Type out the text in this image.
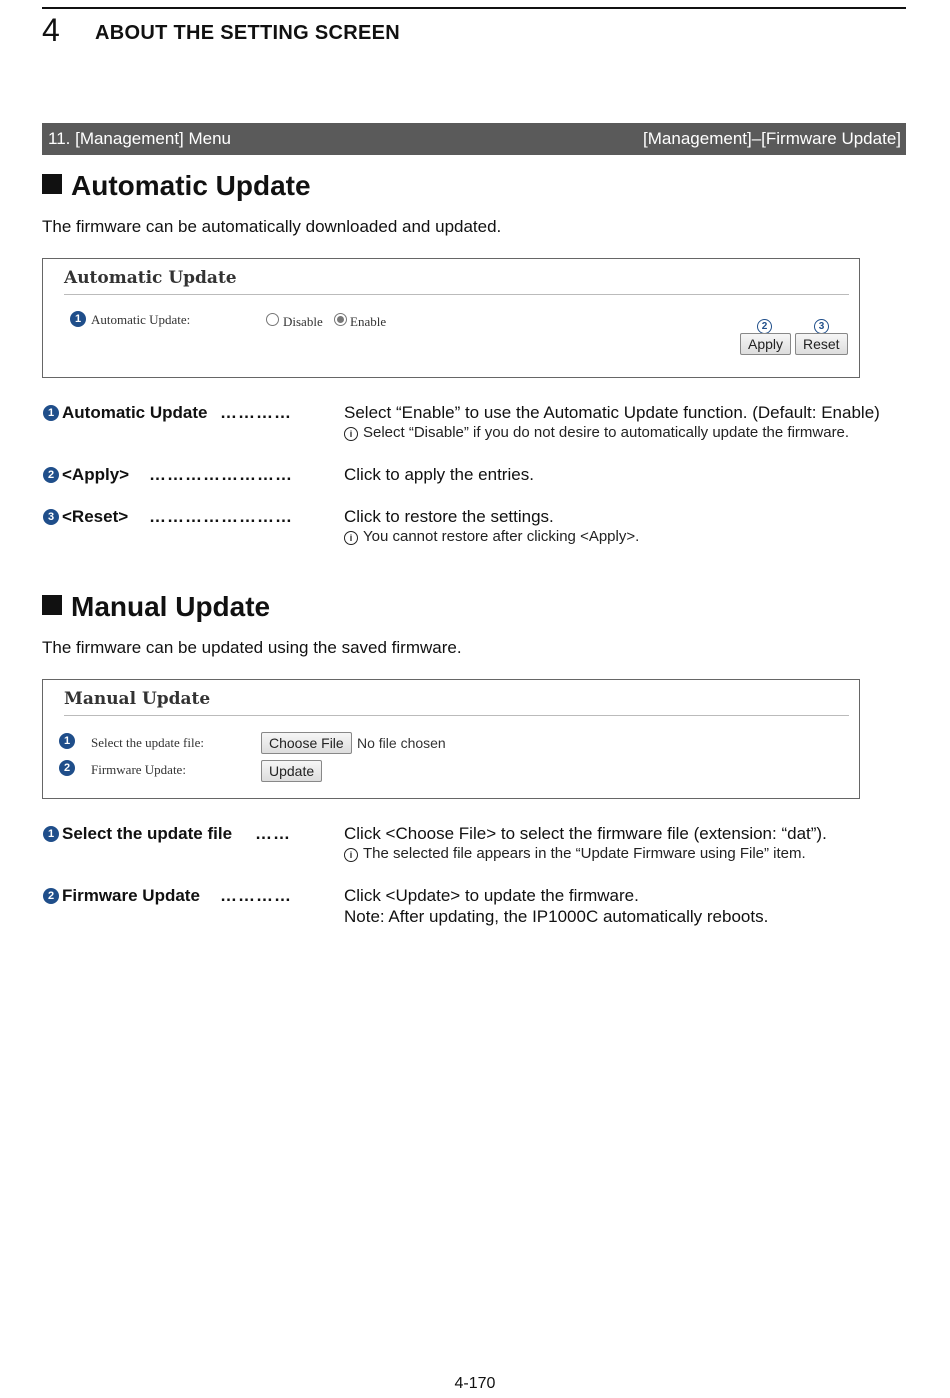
4 ABOUT THE SETTING SCREEN
11. [Management] Menu	[Management]–[Firmware Update]
Automatic Update
The firmware can be automatically downloaded and updated.
Automatic Update
1 Automatic Update:	Disable Enable	2	3
Apply	Reset
1 Automatic Update …………	Select “Enable” to use the Automatic Update function. (Default: Enable)
i Select “Disable” if you do not desire to automatically update the firmware.
2 <Apply> ……………………	Click to apply the entries.
3 <Reset> ……………………	Click to restore the settings.
i You cannot restore after clicking <Apply>.
Manual Update
The firmware can be updated using the saved firmware.
Manual Update
1	Select the update file:	Choose File No file chosen
2	Firmware Update:	Update
1 Select the update file ……	Click <Choose File> to select the firmware file (extension: “dat”).
i The selected file appears in the “Update Firmware using File” item.
2 Firmware Update …………	Click <Update> to update the firmware.
Note: After updating, the IP1000C automatically reboots.
4-170
